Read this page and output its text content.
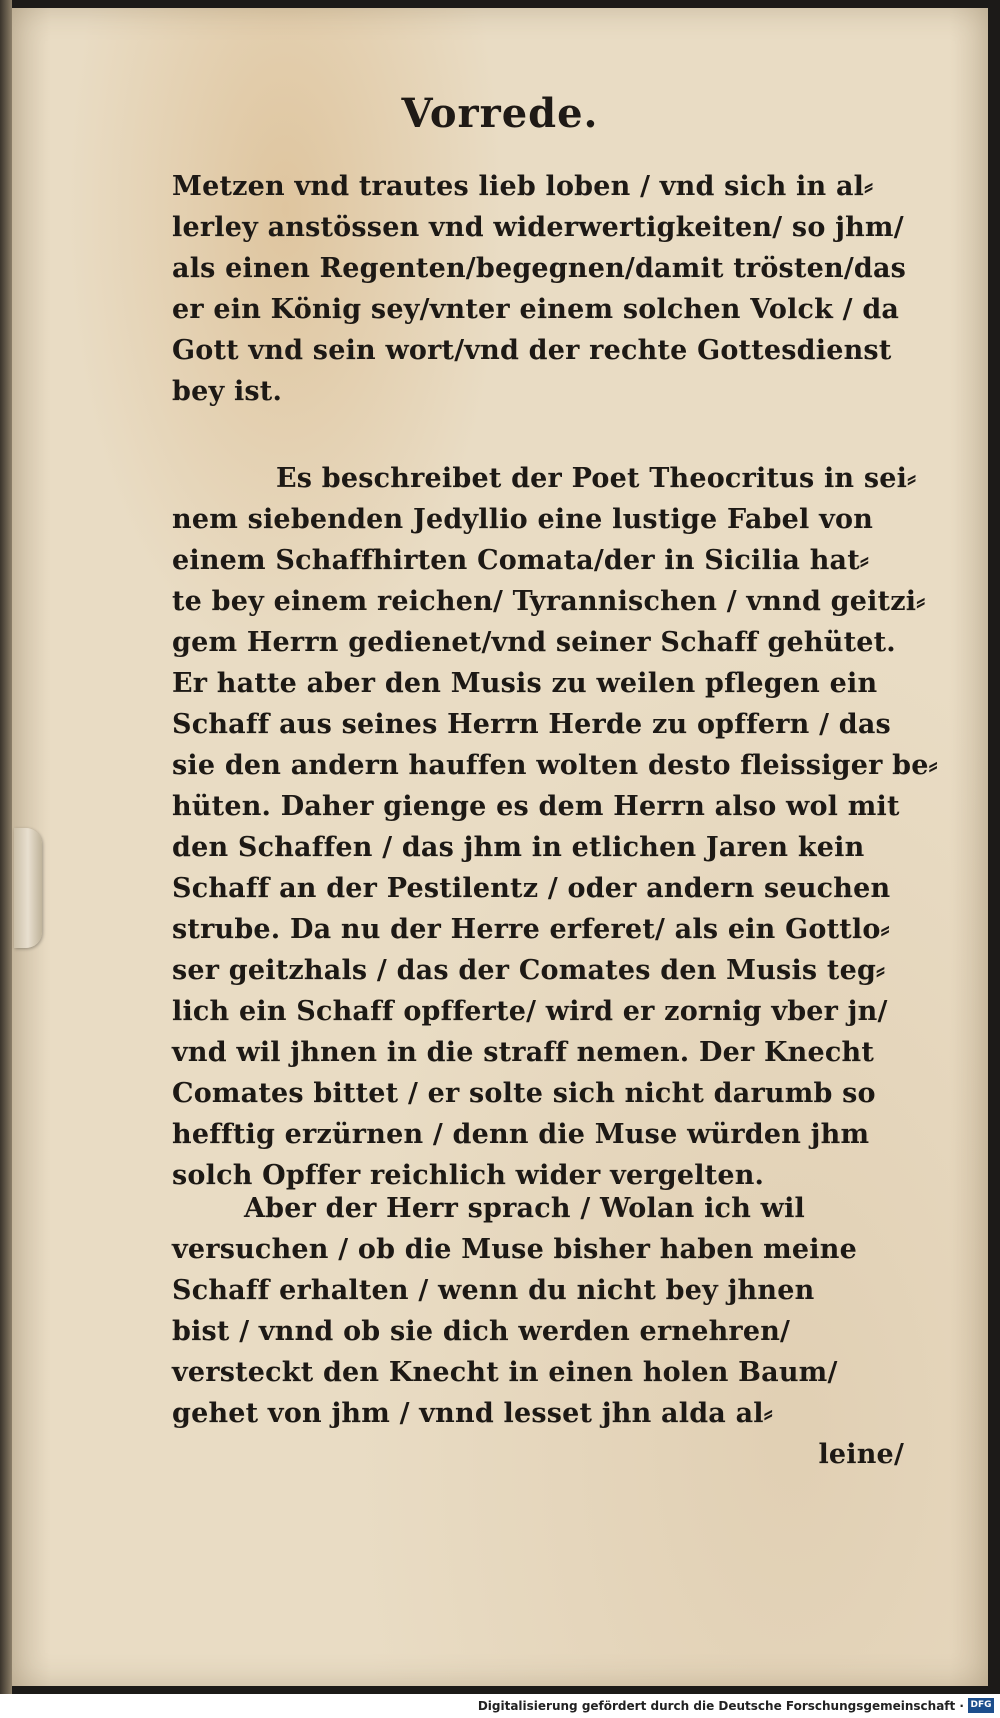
Vorrede.
Metzen vnd trautes lieb loben / vnd sich in al⸗
lerley anstössen vnd widerwertigkeiten/ so jhm/
als einen Regenten/begegnen/damit trösten/das
er ein König sey/vnter einem solchen Volck / da
Gott vnd sein wort/vnd der rechte Gottesdienst
bey ist.
Es beschreibet der Poet Theocritus in sei⸗
nem siebenden Jedyllio eine lustige Fabel von
einem Schaffhirten Comata/der in Sicilia hat⸗
te bey einem reichen/ Tyrannischen / vnnd geitzi⸗
gem Herrn gedienet/vnd seiner Schaff gehütet.
Er hatte aber den Musis zu weilen pflegen ein
Schaff aus seines Herrn Herde zu opffern / das
sie den andern hauffen wolten desto fleissiger be⸗
hüten. Daher gienge es dem Herrn also wol mit
den Schaffen / das jhm in etlichen Jaren kein
Schaff an der Pestilentz / oder andern seuchen
strube. Da nu der Herre erferet/ als ein Gottlo⸗
ser geitzhals / das der Comates den Musis teg⸗
lich ein Schaff opfferte/ wird er zornig vber jn/
vnd wil jhnen in die straff nemen. Der Knecht
Comates bittet / er solte sich nicht darumb so
hefftig erzürnen / denn die Muse würden jhm
solch Opffer reichlich wider vergelten.
Aber der Herr sprach / Wolan ich wil
versuchen / ob die Muse bisher haben meine
Schaff erhalten / wenn du nicht bey jhnen
bist / vnnd ob sie dich werden ernehren/
versteckt den Knecht in einen holen Baum/
gehet von jhm / vnnd lesset jhn alda al⸗
leine/
Digitalisierung gefördert durch die Deutsche Forschungsgemeinschaft · DFG
